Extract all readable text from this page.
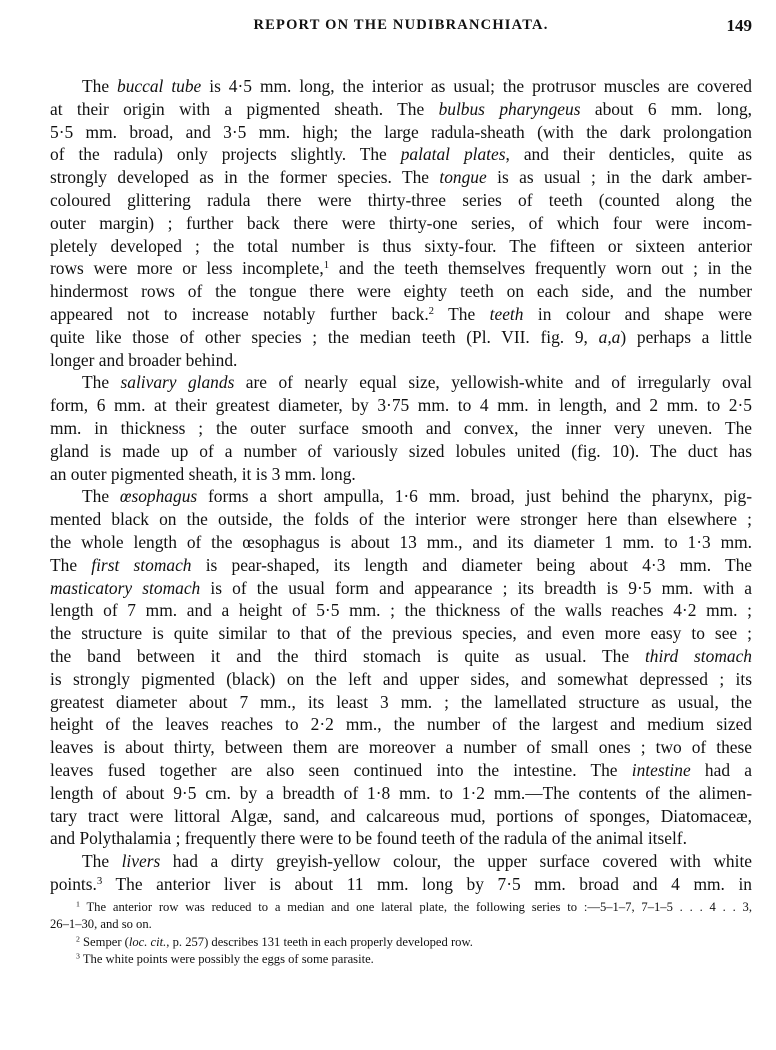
REPORT ON THE NUDIBRANCHIATA.	149
The buccal tube is 4·5 mm. long, the interior as usual; the protrusor muscles are covered
at their origin with a pigmented sheath. The bulbus pharyngeus about 6 mm. long,
5·5 mm. broad, and 3·5 mm. high; the large radula-sheath (with the dark prolongation
of the radula) only projects slightly. The palatal plates, and their denticles, quite as
strongly developed as in the former species. The tongue is as usual ; in the dark amber-
coloured glittering radula there were thirty-three series of teeth (counted along the
outer margin) ; further back there were thirty-one series, of which four were incom-
pletely developed ; the total number is thus sixty-four. The fifteen or sixteen anterior
rows were more or less incomplete,$^1$ and the teeth themselves frequently worn out ; in the
hindermost rows of the tongue there were eighty teeth on each side, and the number
appeared not to increase notably further back.$^2$ The teeth in colour and shape were
quite like those of other species ; the median teeth (Pl. VII. fig. 9, a,a) perhaps a little
longer and broader behind.
The salivary glands are of nearly equal size, yellowish-white and of irregularly oval
form, 6 mm. at their greatest diameter, by 3·75 mm. to 4 mm. in length, and 2 mm. to 2·5
mm. in thickness ; the outer surface smooth and convex, the inner very uneven. The
gland is made up of a number of variously sized lobules united (fig. 10). The duct has
an outer pigmented sheath, it is 3 mm. long.
The œsophagus forms a short ampulla, 1·6 mm. broad, just behind the pharynx, pig-
mented black on the outside, the folds of the interior were stronger here than elsewhere ;
the whole length of the œsophagus is about 13 mm., and its diameter 1 mm. to 1·3 mm.
The first stomach is pear-shaped, its length and diameter being about 4·3 mm. The
masticatory stomach is of the usual form and appearance ; its breadth is 9·5 mm. with a
length of 7 mm. and a height of 5·5 mm. ; the thickness of the walls reaches 4·2 mm. ;
the structure is quite similar to that of the previous species, and even more easy to see ;
the band between it and the third stomach is quite as usual. The third stomach
is strongly pigmented (black) on the left and upper sides, and somewhat depressed ; its
greatest diameter about 7 mm., its least 3 mm. ; the lamellated structure as usual, the
height of the leaves reaches to 2·2 mm., the number of the largest and medium sized
leaves is about thirty, between them are moreover a number of small ones ; two of these
leaves fused together are also seen continued into the intestine. The intestine had a
length of about 9·5 cm. by a breadth of 1·8 mm. to 1·2 mm.—The contents of the alimen-
tary tract were littoral Algæ, sand, and calcareous mud, portions of sponges, Diatomaceæ,
and Polythalamia ; frequently there were to be found teeth of the radula of the animal itself.
The livers had a dirty greyish-yellow colour, the upper surface covered with white
points.$^3$ The anterior liver is about 11 mm. long by 7·5 mm. broad and 4 mm. in
$^1$ The anterior row was reduced to a median and one lateral plate, the following series to :—5–1–7, 7–1–5 . . . 4 . . 3,
26–1–30, and so on.
$^2$ Semper (loc. cit., p. 257) describes 131 teeth in each properly developed row.
$^3$ The white points were possibly the eggs of some parasite.
